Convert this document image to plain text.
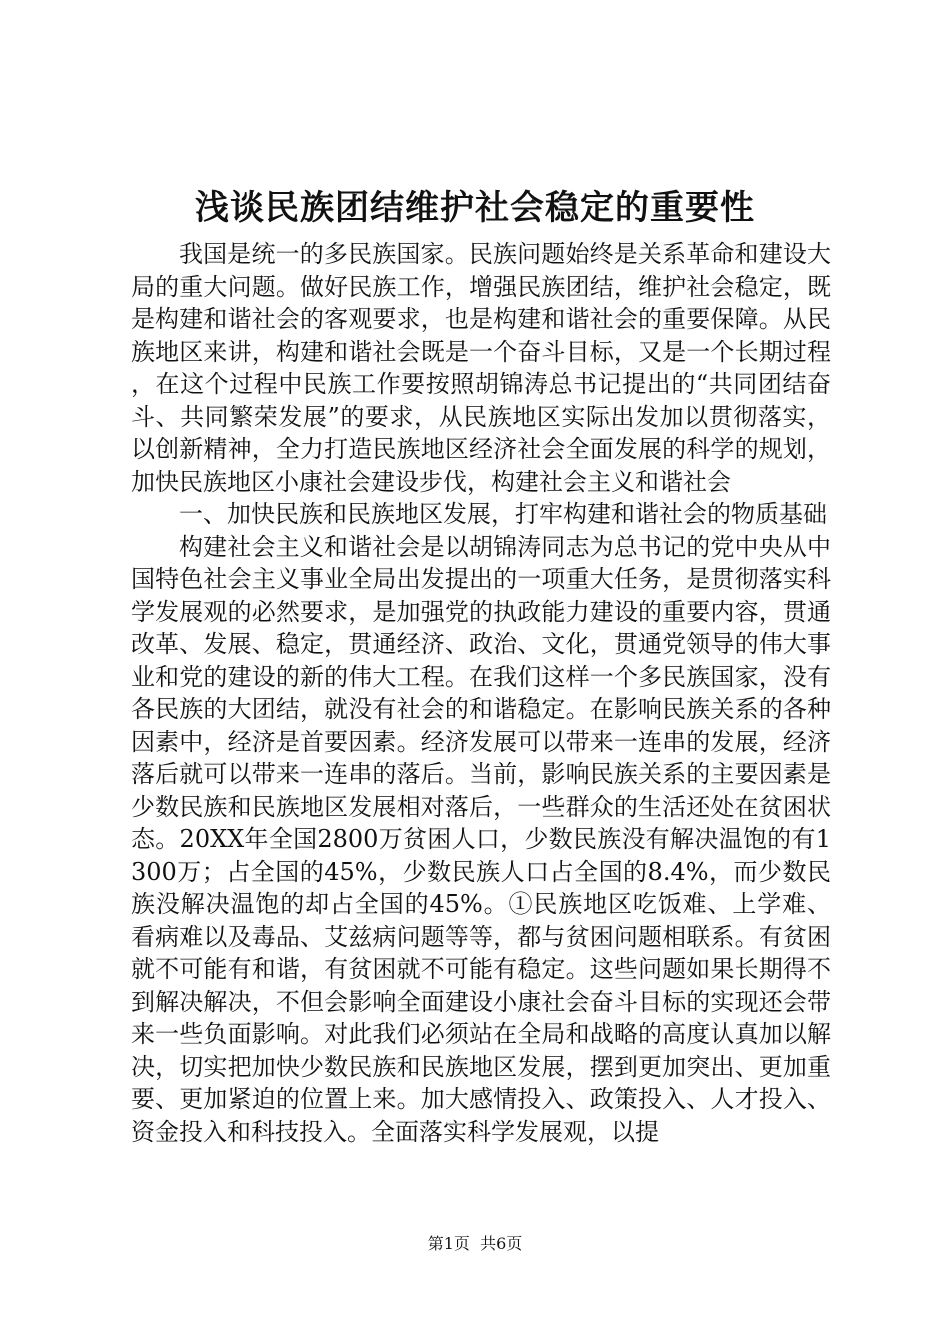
浅谈民族团结维护社会稳定的重要性

我国是统一的多民族国家。民族问题始终是关系革命和建设大局的重大问题。做好民族工作，增强民族团结，维护社会稳定，既是构建和谐社会的客观要求，也是构建和谐社会的重要保障。从民族地区来讲，构建和谐社会既是一个奋斗目标，又是一个长期过程，在这个过程中民族工作要按照胡锦涛总书记提出的“共同团结奋斗、共同繁荣发展”的要求，从民族地区实际出发加以贯彻落实，以创新精神，全力打造民族地区经济社会全面发展的科学的规划，加快民族地区小康社会建设步伐，构建社会主义和谐社会

一、加快民族和民族地区发展，打牢构建和谐社会的物质基础

构建社会主义和谐社会是以胡锦涛同志为总书记的党中央从中国特色社会主义事业全局出发提出的一项重大任务，是贯彻落实科学发展观的必然要求，是加强党的执政能力建设的重要内容，贯通改革、发展、稳定，贯通经济、政治、文化，贯通党领导的伟大事业和党的建设的新的伟大工程。在我们这样一个多民族国家，没有各民族的大团结，就没有社会的和谐稳定。在影响民族关系的各种因素中，经济是首要因素。经济发展可以带来一连串的发展，经济落后就可以带来一连串的落后。当前，影响民族关系的主要因素是少数民族和民族地区发展相对落后，一些群众的生活还处在贫困状态。20XX年全国2800万贫困人口，少数民族没有解决温饱的有1300万；占全国的45%，少数民族人口占全国的8.4%，而少数民族没解决温饱的却占全国的45%。①民族地区吃饭难、上学难、看病难以及毒品、艾兹病问题等等，都与贫困问题相联系。有贫困就不可能有和谐，有贫困就不可能有稳定。这些问题如果长期得不到解决解决，不但会影响全面建设小康社会奋斗目标的实现还会带来一些负面影响。对此我们必须站在全局和战略的高度认真加以解决，切实把加快少数民族和民族地区发展，摆到更加突出、更加重要、更加紧迫的位置上来。加大感情投入、政策投入、人才投入、资金投入和科技投入。全面落实科学发展观，以提

第1页 共6页
